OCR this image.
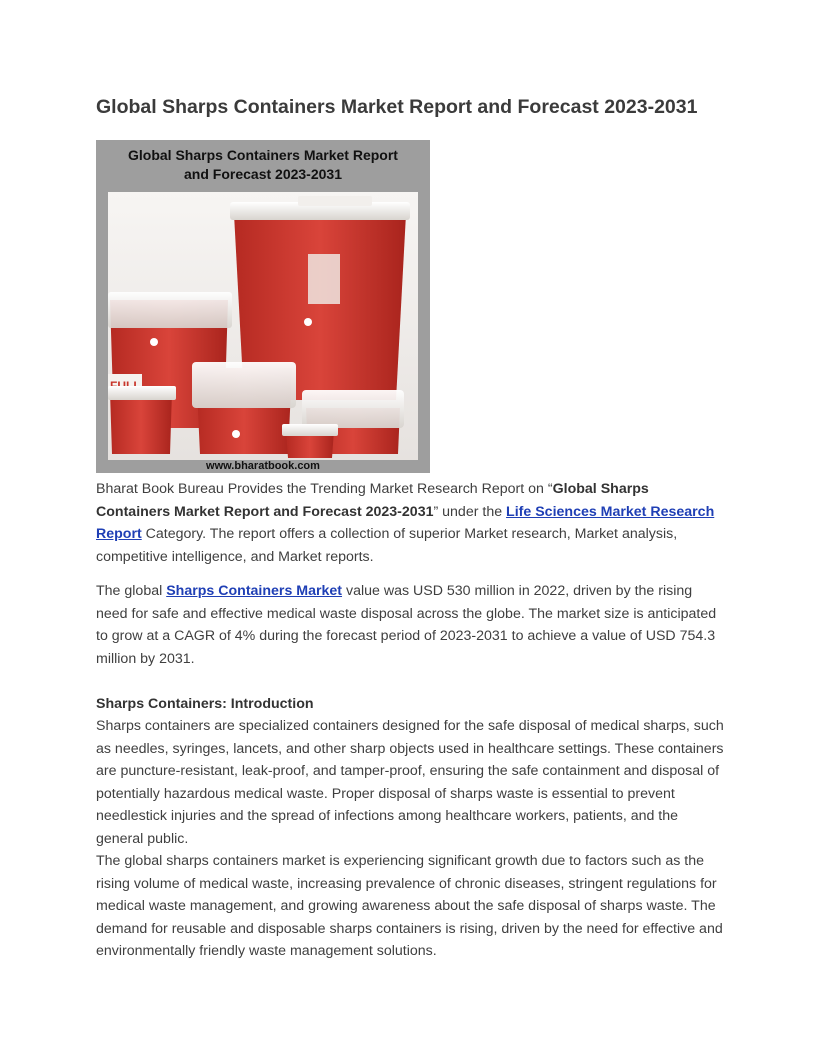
Global Sharps Containers Market Report and Forecast 2023-2031
Global Sharps Containers Market Report
and Forecast 2023-2031
www.bharatbook.com

Bharat Book Bureau Provides the Trending Market Research Report on “Global Sharps Containers Market Report and Forecast 2023-2031” under the Life Sciences Market Research Report Category. The report offers a collection of superior Market research, Market analysis, competitive intelligence, and Market reports.

The global Sharps Containers Market value was USD 530 million in 2022, driven by the rising need for safe and effective medical waste disposal across the globe. The market size is anticipated to grow at a CAGR of 4% during the forecast period of 2023-2031 to achieve a value of USD 754.3 million by 2031.

Sharps Containers: Introduction

Sharps containers are specialized containers designed for the safe disposal of medical sharps, such as needles, syringes, lancets, and other sharp objects used in healthcare settings. These containers are puncture-resistant, leak-proof, and tamper-proof, ensuring the safe containment and disposal of potentially hazardous medical waste. Proper disposal of sharps waste is essential to prevent needlestick injuries and the spread of infections among healthcare workers, patients, and the general public.

The global sharps containers market is experiencing significant growth due to factors such as the rising volume of medical waste, increasing prevalence of chronic diseases, stringent regulations for medical waste management, and growing awareness about the safe disposal of sharps waste. The demand for reusable and disposable sharps containers is rising, driven by the need for effective and environmentally friendly waste management solutions.
